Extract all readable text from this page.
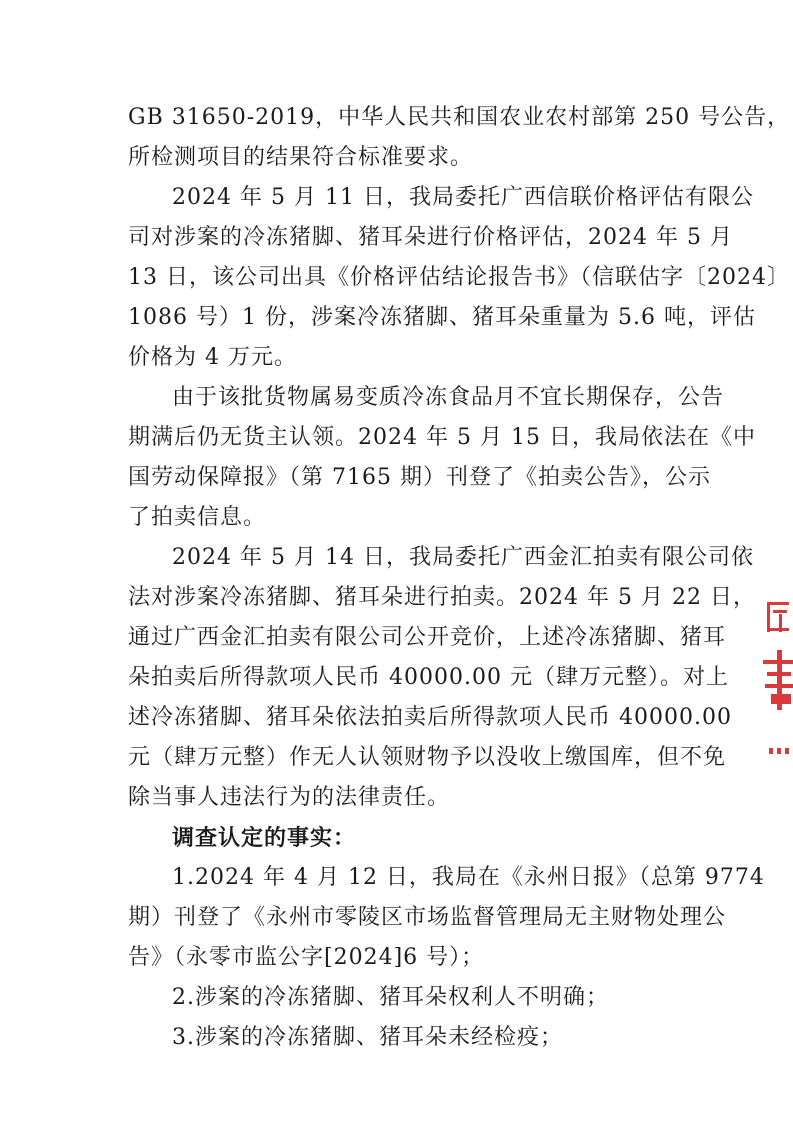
GB 31650-2019，中华人民共和国农业农村部第 250 号公告，
所检测项目的结果符合标准要求。
2024 年 5 月 11 日，我局委托广西信联价格评估有限公
司对涉案的冷冻猪脚、猪耳朵进行价格评估，2024 年 5 月
13 日，该公司出具《价格评估结论报告书》（信联估字〔2024〕
1086 号）1 份，涉案冷冻猪脚、猪耳朵重量为 5.6 吨，评估
价格为 4 万元。
由于该批货物属易变质冷冻食品月不宜长期保存，公告
期满后仍无货主认领。2024 年 5 月 15 日，我局依法在《中
国劳动保障报》（第 7165 期）刊登了《拍卖公告》，公示
了拍卖信息。
2024 年 5 月 14 日，我局委托广西金汇拍卖有限公司依
法对涉案冷冻猪脚、猪耳朵进行拍卖。2024 年 5 月 22 日，
通过广西金汇拍卖有限公司公开竞价，上述冷冻猪脚、猪耳
朵拍卖后所得款项人民币 40000.00 元（肆万元整）。对上
述冷冻猪脚、猪耳朵依法拍卖后所得款项人民币 40000.00
元（肆万元整）作无人认领财物予以没收上缴国库，但不免
除当事人违法行为的法律责任。
调查认定的事实：
1.2024 年 4 月 12 日，我局在《永州日报》（总第 9774
期）刊登了《永州市零陵区市场监督管理局无主财物处理公
告》（永零市监公字[2024]6 号）；
2.涉案的冷冻猪脚、猪耳朵权利人不明确；
3.涉案的冷冻猪脚、猪耳朵未经检疫；
